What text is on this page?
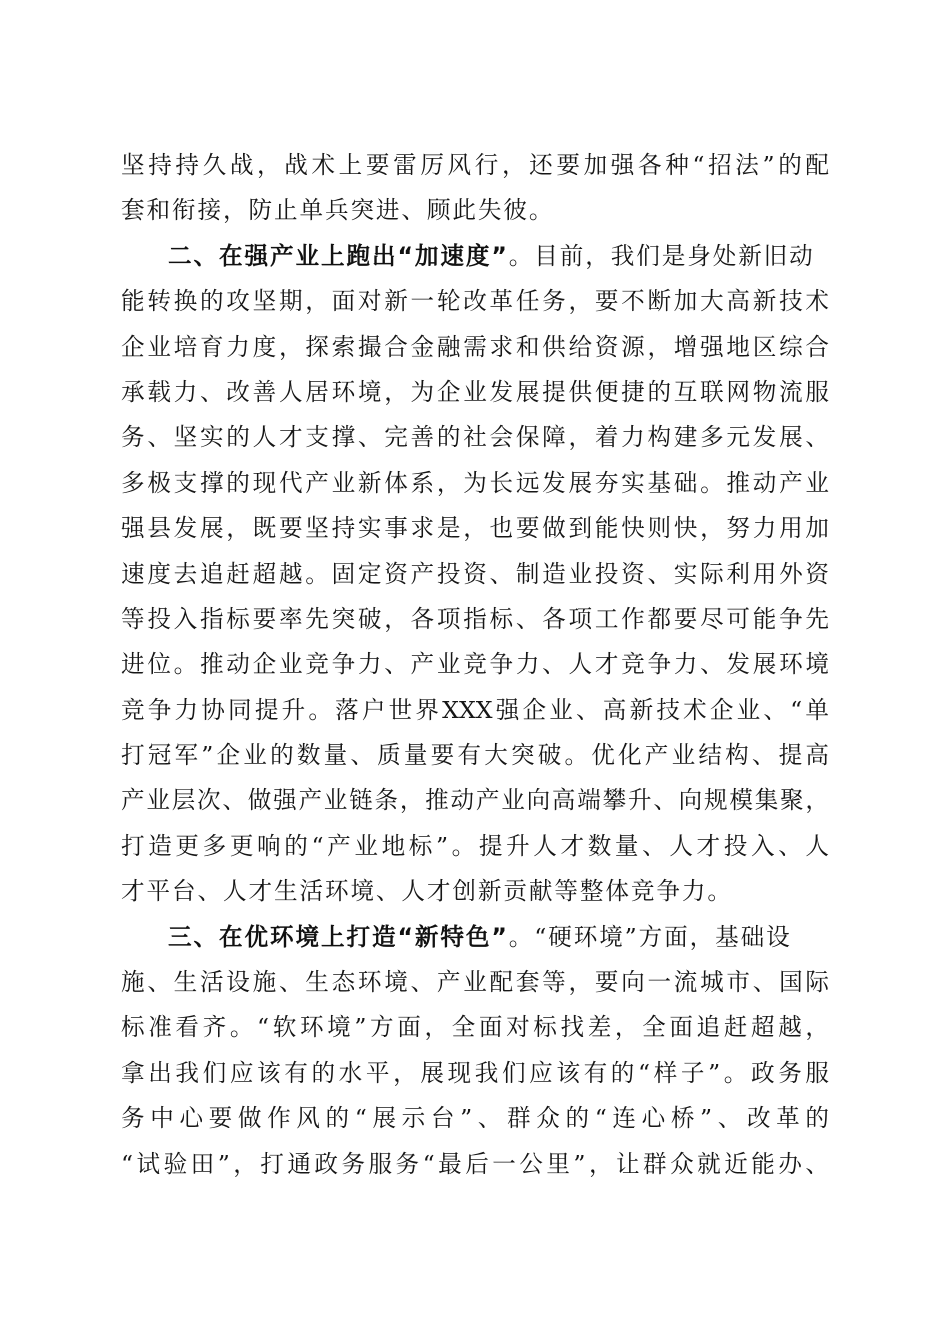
坚持持久战，战术上要雷厉风行，还要加强各种“招法”的配
套和衔接，防止单兵突进、顾此失彼。
二、在强产业上跑出“加速度”。目前，我们是身处新旧动
能转换的攻坚期，面对新一轮改革任务，要不断加大高新技术
企业培育力度，探索撮合金融需求和供给资源，增强地区综合
承载力、改善人居环境，为企业发展提供便捷的互联网物流服
务、坚实的人才支撑、完善的社会保障，着力构建多元发展、
多极支撑的现代产业新体系，为长远发展夯实基础。推动产业
强县发展，既要坚持实事求是，也要做到能快则快，努力用加
速度去追赶超越。固定资产投资、制造业投资、实际利用外资
等投入指标要率先突破，各项指标、各项工作都要尽可能争先
进位。推动企业竞争力、产业竞争力、人才竞争力、发展环境
竞争力协同提升。落户世界XXX强企业、高新技术企业、“单
打冠军”企业的数量、质量要有大突破。优化产业结构、提高
产业层次、做强产业链条，推动产业向高端攀升、向规模集聚，
打造更多更响的“产业地标”。提升人才数量、人才投入、人
才平台、人才生活环境、人才创新贡献等整体竞争力。
三、在优环境上打造“新特色”。“硬环境”方面，基础设
施、生活设施、生态环境、产业配套等，要向一流城市、国际
标准看齐。“软环境”方面，全面对标找差，全面追赶超越，
拿出我们应该有的水平，展现我们应该有的“样子”。政务服
务中心要做作风的“展示台”、群众的“连心桥”、改革的
“试验田”，打通政务服务“最后一公里”，让群众就近能办、
